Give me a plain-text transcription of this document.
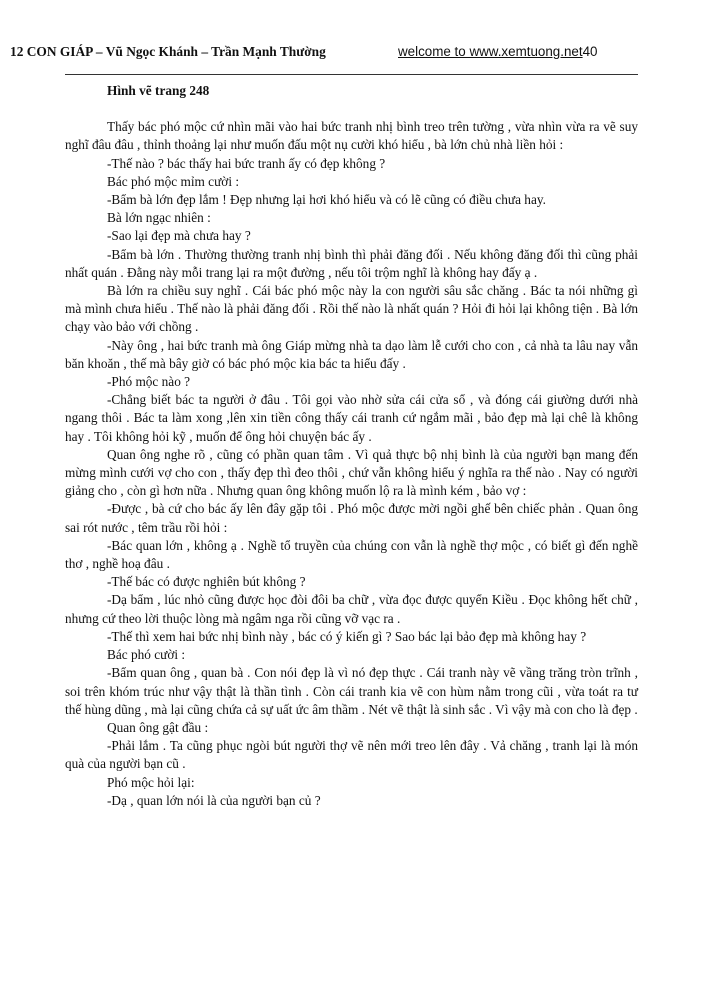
12 CON GIÁP – Vũ Ngọc Khánh – Trần Mạnh Thường	welcome to www.xemtuong.net40

Hình vẽ trang 248

Thấy bác phó mộc cứ nhìn mãi vào hai bức tranh nhị bình treo trên tường , vừa nhìn vừa ra vẽ suy nghĩ đâu đâu , thỉnh thoảng lại như muốn đấu một nụ cười khó hiểu , bà lớn chủ nhà liền hỏi :

-Thế nào ? bác thấy hai bức tranh ấy có đẹp không ?

Bác phó mộc mỉm cười :

-Bẩm bà lớn đẹp lắm ! Đẹp nhưng lại hơi khó hiểu và có lẽ cũng có điều chưa hay.

Bà lớn ngạc nhiên :

-Sao lại đẹp mà chưa hay ?

-Bẩm bà lớn . Thường thường tranh nhị bình thì phải đăng đối . Nếu không đăng đối thì cũng phải nhất quán . Đằng này mỗi trang lại ra một đường , nếu tôi trộm nghĩ là không hay đấy ạ .

Bà lớn ra chiều suy nghĩ . Cái bác phó mộc này la con người sâu sắc chăng . Bác ta nói những gì mà mình chưa hiểu . Thế nào là phải đăng đối . Rồi thế nào là nhất quán ? Hỏi đi hỏi lại không tiện . Bà lớn chạy vào bảo với chồng .

-Này ông , hai bức tranh mà ông Giáp mừng nhà ta dạo làm lễ cưới cho con , cả nhà ta lâu nay vẫn băn khoăn , thế mà bây giờ có bác phó mộc kia bác ta hiểu đấy .

-Phó mộc nào ?

-Chẳng biết bác ta người ở đâu . Tôi gọi vào nhờ sửa cái cửa sổ , và đóng cái giường dưới nhà ngang thôi . Bác ta làm xong ,lên xin tiền công thấy cái tranh cứ ngắm mãi , bảo đẹp mà lại chê là không hay . Tôi không hỏi kỹ , muốn để ông hỏi chuyện bác ấy .

Quan ông nghe rõ , cũng có phần quan tâm . Vì quả thực bộ nhị bình là của người bạn mang đến mừng mình cưới vợ cho con , thấy đẹp thì đeo thôi , chứ vẫn không hiểu ý nghĩa ra thế nào . Nay có người giảng cho , còn gì hơn nữa . Nhưng quan ông không muốn lộ ra là mình kém , bảo vợ :

-Được , bà cứ cho bác ấy lên đây gặp tôi . Phó mộc được mời ngồi ghế bên chiếc phản . Quan ông sai rót nước , têm trầu rồi hỏi :

-Bác quan lớn , không ạ . Nghề tổ truyền của chúng con vẫn là nghề thợ mộc , có biết gì đến nghề thơ , nghề hoạ đâu .

-Thế bác có được nghiên bút không ?

-Dạ bẩm , lúc nhỏ cũng được học đòi đôi ba chữ , vừa đọc được quyển Kiều . Đọc không hết chữ , nhưng cứ theo lời thuộc lòng mà ngâm nga rồi cũng vỡ vạc ra .

-Thế thì xem hai bức nhị bình này , bác có ý kiến gì ? Sao bác lại bảo đẹp mà không hay ?

Bác phó cười :

-Bẩm quan ông , quan bà . Con nói đẹp là vì nó đẹp thực . Cái tranh này vẽ vầng trăng tròn trĩnh , soi trên khóm trúc như vậy thật là thần tình . Còn cái tranh kia vẽ con hùm nằm trong cũi , vừa toát ra tư thế hùng dũng , mà lại cũng chứa cả sự uất ức âm thầm . Nét vẽ thật là sinh sắc . Vì vậy mà con cho là đẹp .

Quan ông gật đầu :

-Phải lắm . Ta cũng phục ngòi bút người thợ vẽ nên mới treo lên đây . Vả chăng , tranh lại là món quà của người bạn cũ .

Phó mộc hỏi lại:

-Dạ , quan lớn nói là của người bạn củ ?
